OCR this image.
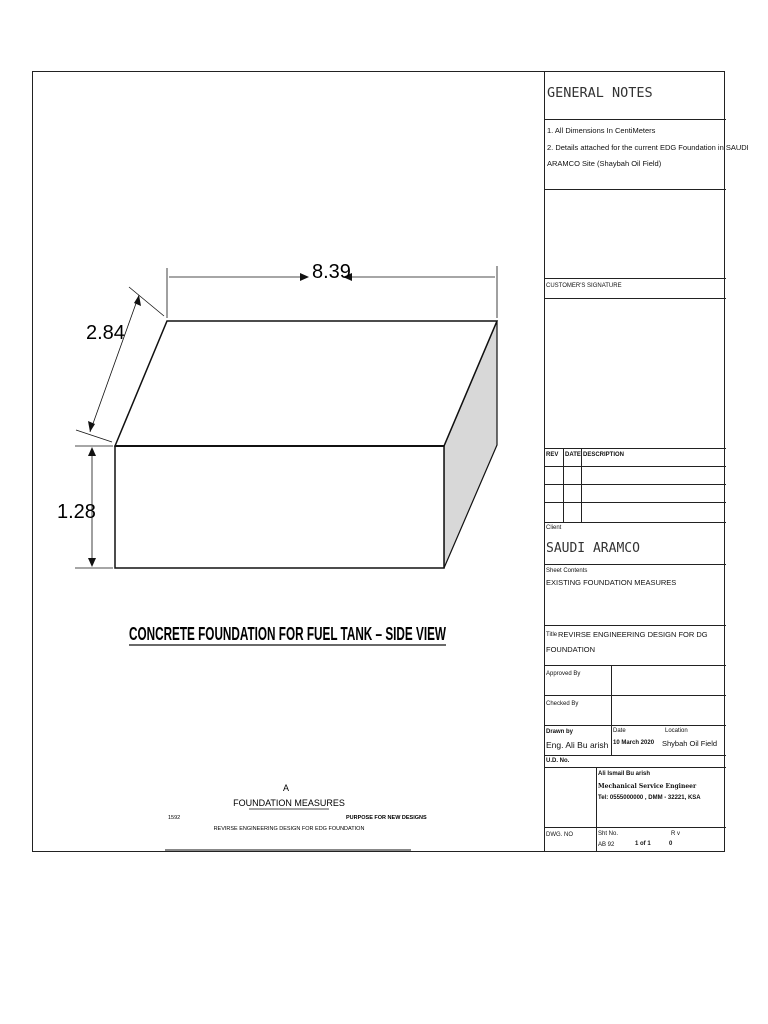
8.39
2.84
1.28
CONCRETE FOUNDATION FOR FUEL TANK – SIDE VIEW
A
FOUNDATION MEASURES
1592	PURPOSE FOR NEW DESIGNS
REVIRSE ENGINEERING DESIGN FOR EDG FOUNDATION
GENERAL NOTES
1. All Dimensions In CentiMeters
2. Details attached for the current EDG Foundation in SAUDI
ARAMCO Site (Shaybah Oil Field)
CUSTOMER'S SIGNATURE
REV DATE DESCRIPTION
Client
SAUDI ARAMCO
Sheet Contents
EXISTING FOUNDATION MEASURES
Title REVIRSE ENGINEERING DESIGN FOR DG
FOUNDATION
Approved By
Checked By
Drawn by
Eng. Ali Bu arish
Date
10 March 2020
Location
Shybah Oil Field
U.D. No.
Ali Ismail Bu arish
Mechanical Service Engineer
Tel: 0555000000 , DMM - 32221, KSA
DWG. NO	Sht No.	R v
AB 92	1 of 1	0
